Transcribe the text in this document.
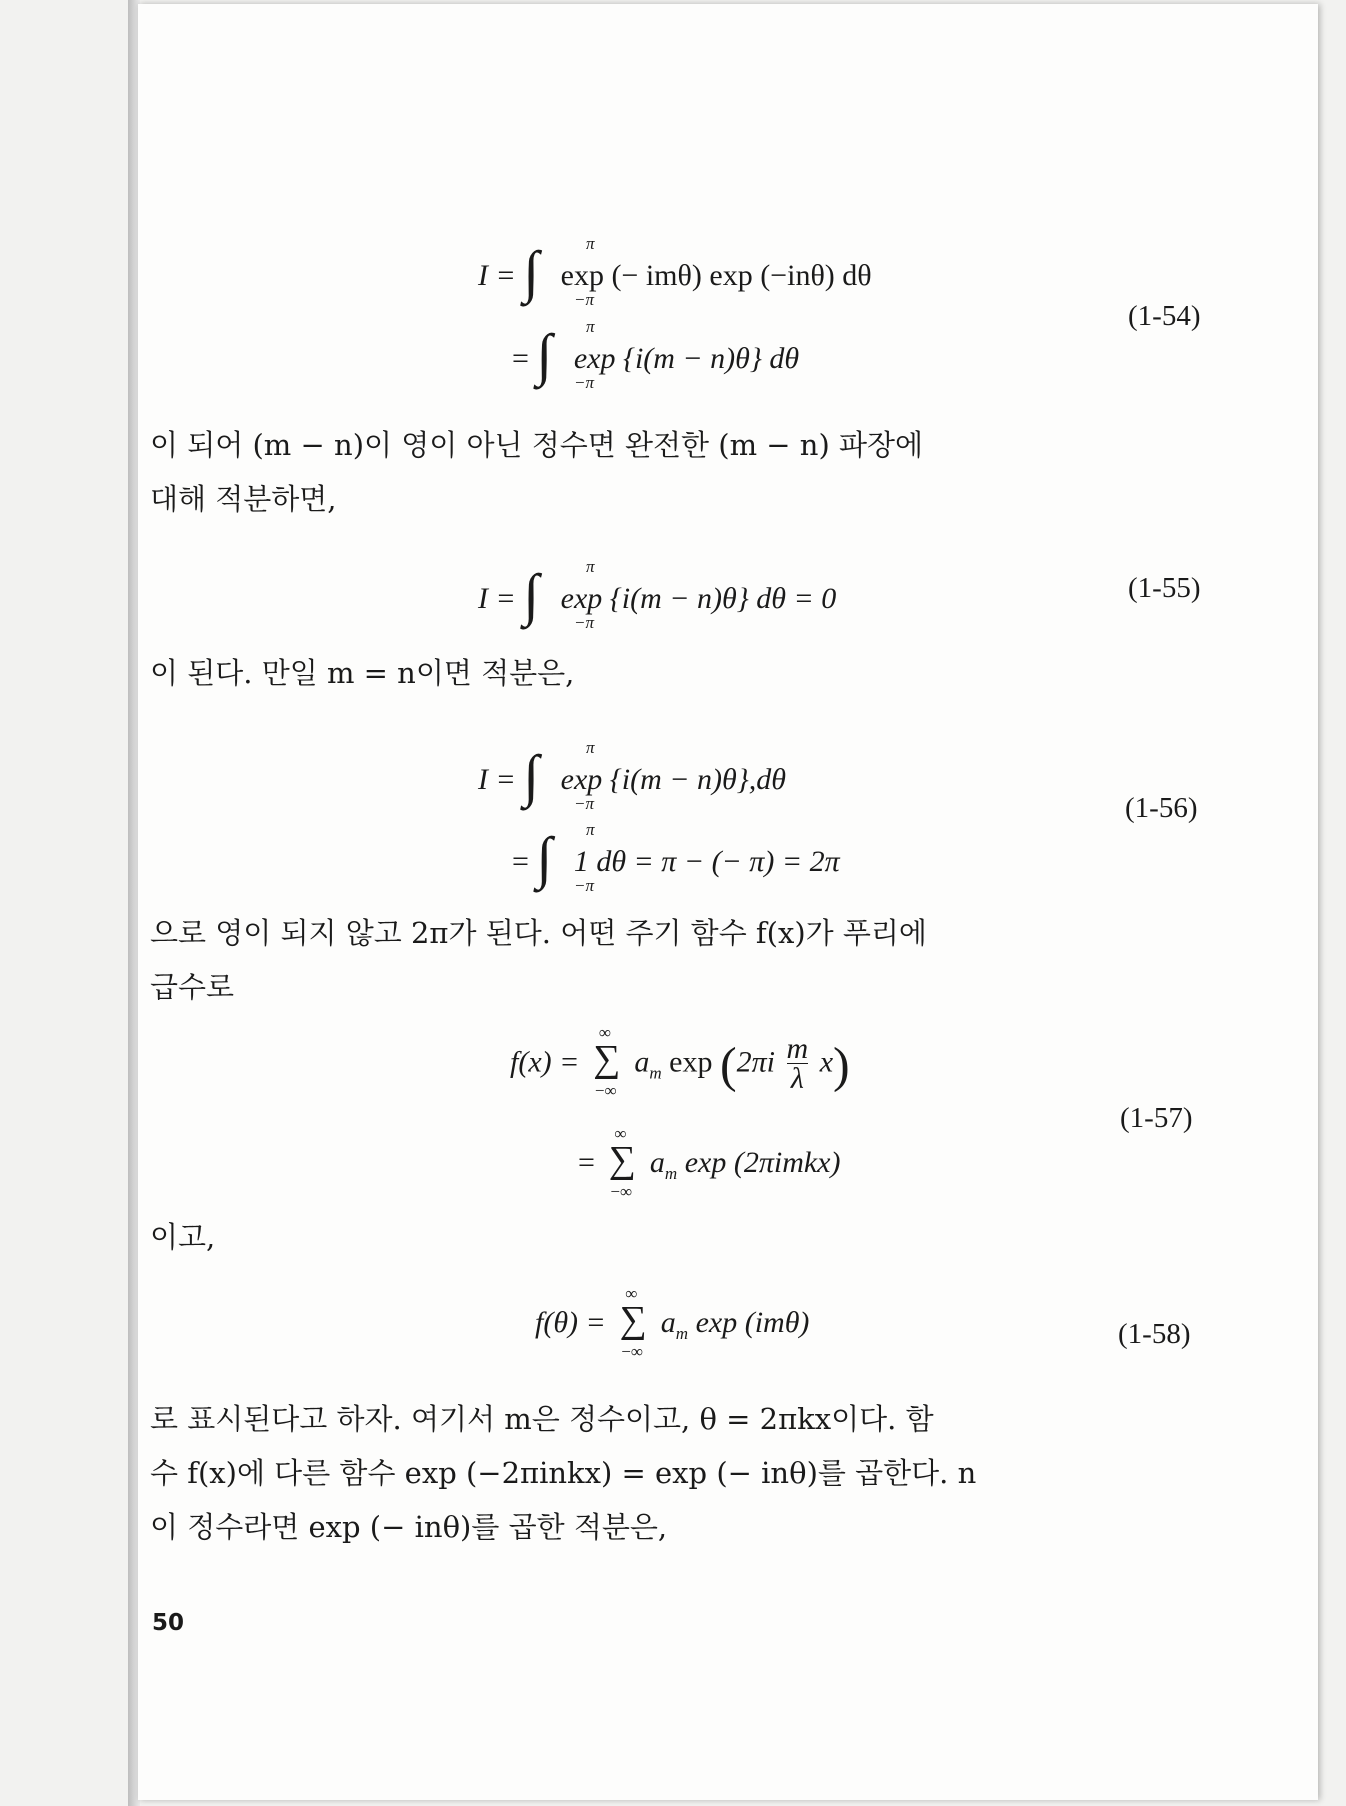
I = ∫	π
−π
exp (− imθ) exp (−inθ) dθ
= ∫ π
−π
exp {i(m − n)θ} dθ
(1-54)
이 되어 (m − n)이 영이 아닌 정수면 완전한 (m − n) 파장에
대해 적분하면,
I = ∫	π
−π
exp {i(m − n)θ} dθ = 0	(1-55)
이 된다. 만일 m = n이면 적분은,
I = ∫	π
−π
exp {i(m − n)θ},dθ
= ∫ π
−π
1 dθ = π − (− π) = 2π
(1-56)
으로 영이 되지 않고 2π가 된다. 어떤 주기 함수 f(x)가 푸리에
급수로
f(x) =
∞
∑
−∞
$a_m$ $\exp (2\pi i \frac{m}{\lambda} x)$
=
∞
∑
−∞
$a_m$ exp (2πimkx)
(1-57)
이고,
f(θ) =
∞
∑
−∞
$a_m$ exp (imθ)	(1-58)
로 표시된다고 하자. 여기서 m은 정수이고, θ = 2πkx이다. 함
수 f(x)에 다른 함수 exp (−2πinkx) = exp (− inθ)를 곱한다. n
이 정수라면 exp (− inθ)를 곱한 적분은,
50
